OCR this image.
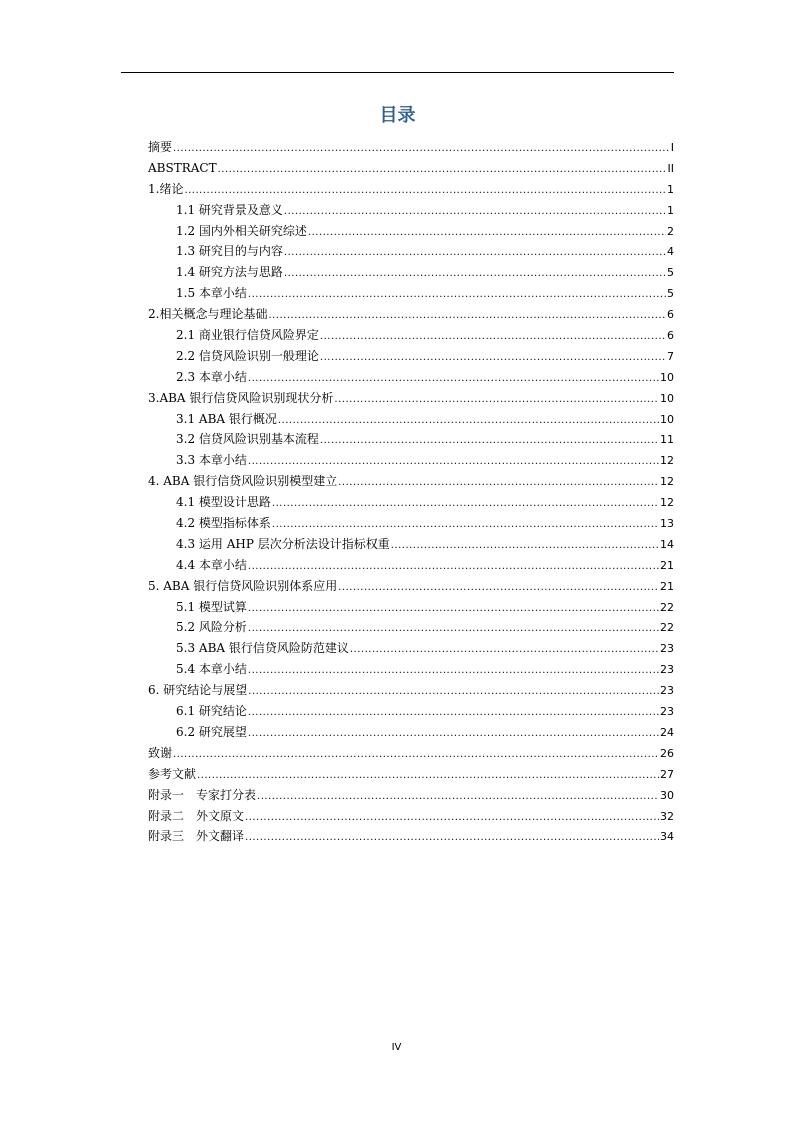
目录
摘要 .....	I
ABSTRACT .....	II
1.绪论 .....	1
1.1 研究背景及意义 .....	1
1.2 国内外相关研究综述 .....	2
1.3 研究目的与内容 .....	4
1.4 研究方法与思路 .....	5
1.5 本章小结 .....	5
2.相关概念与理论基础 .....	6
2.1 商业银行信贷风险界定 .....	6
2.2 信贷风险识别一般理论 .....	7
2.3 本章小结 .....	10
3.ABA 银行信贷风险识别现状分析 .....	10
3.1 ABA 银行概况 .....	10
3.2 信贷风险识别基本流程 .....	11
3.3 本章小结 .....	12
4. ABA 银行信贷风险识别模型建立 .....	12
4.1 模型设计思路 .....	12
4.2 模型指标体系 .....	13
4.3 运用 AHP 层次分析法设计指标权重 .....	14
4.4 本章小结 .....	21
5. ABA 银行信贷风险识别体系应用 .....	21
5.1 模型试算 .....	22
5.2 风险分析 .....	22
5.3 ABA 银行信贷风险防范建议 .....	23
5.4 本章小结 .....	23
6. 研究结论与展望 .....	23
6.1 研究结论 .....	23
6.2 研究展望 .....	24
致谢 .....	26
参考文献 .....	27
附录一　专家打分表 .....	30
附录二　外文原文 .....	32
附录三　外文翻译 .....	34
IV
